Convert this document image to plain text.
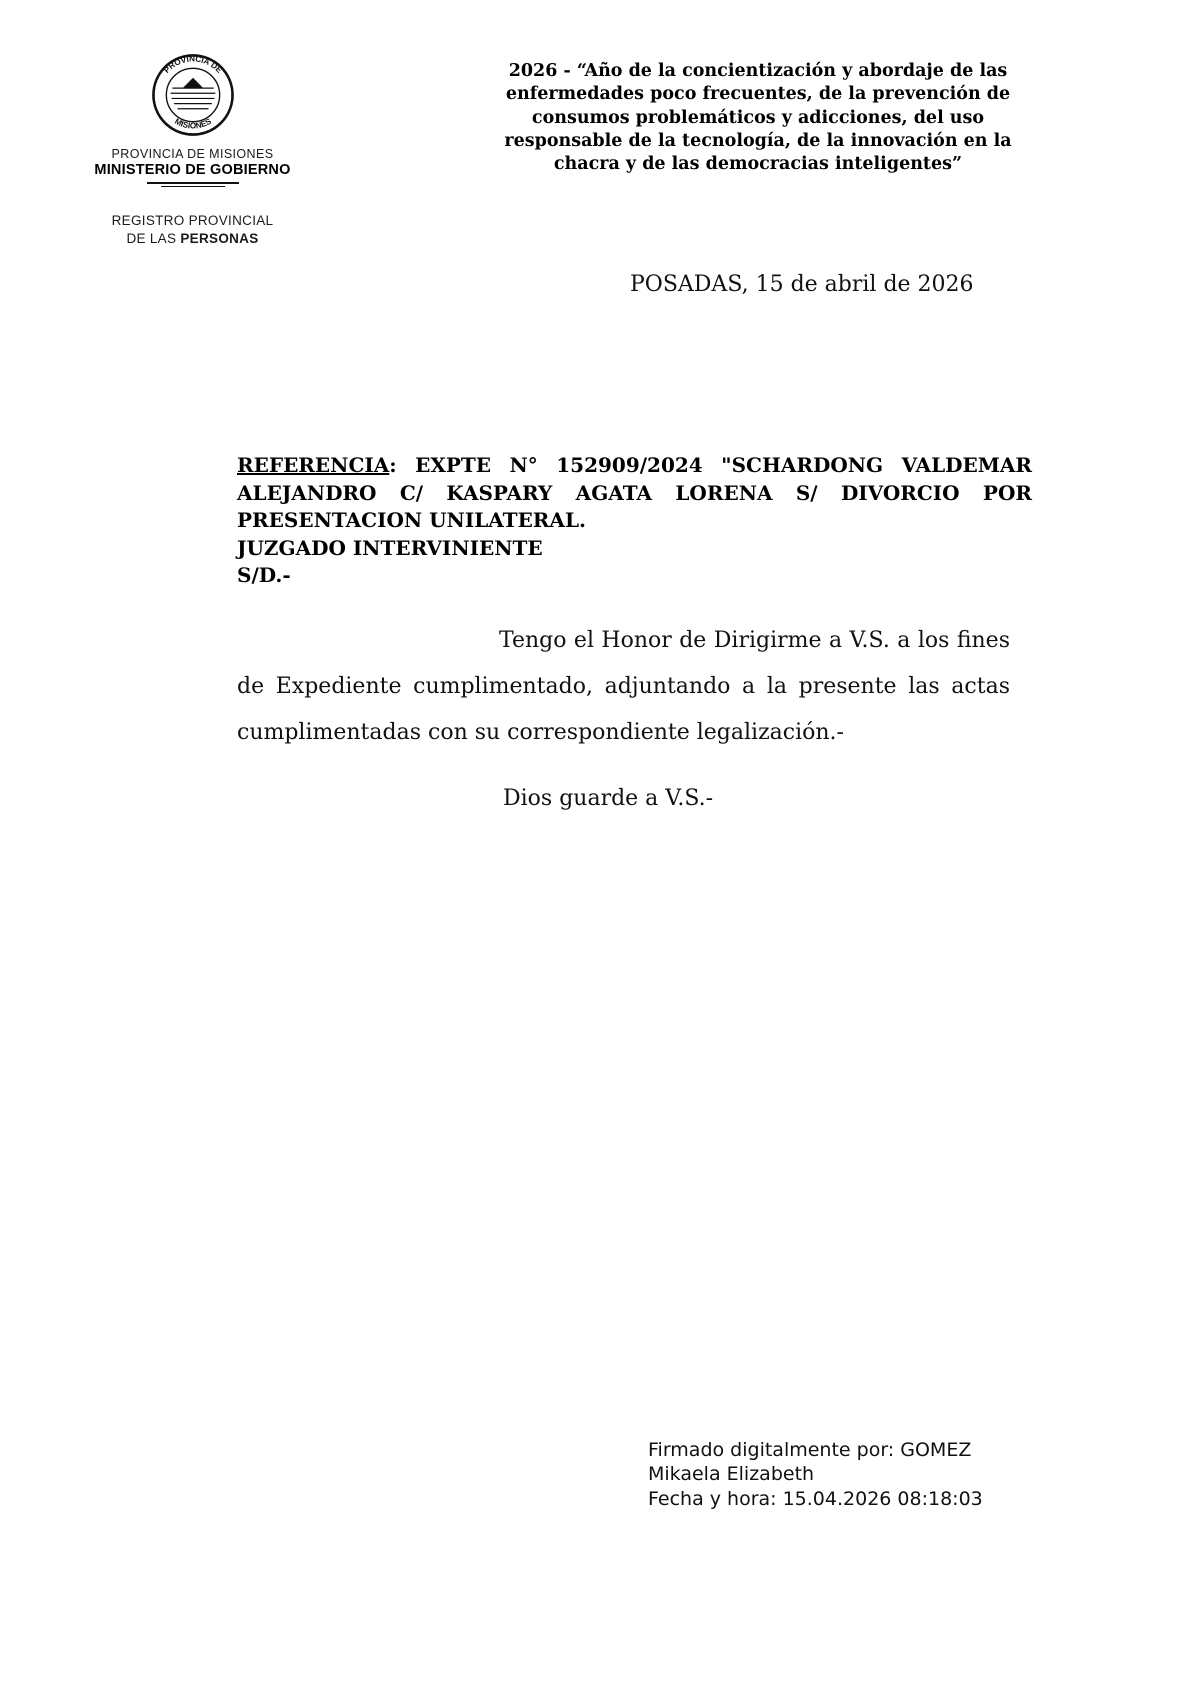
PROVINCIA DE
MISIONES
PROVINCIA DE MISIONES
MINISTERIO DE GOBIERNO
REGISTRO PROVINCIAL
DE LAS PERSONAS
2026 - “Año de la concientización y abordaje de las enfermedades poco frecuentes, de la prevención de consumos problemáticos y adicciones, del uso responsable de la tecnología, de la innovación en la chacra y de las democracias inteligentes”
POSADAS, 15 de abril de 2026

REFERENCIA: EXPTE N° 152909/2024 "SCHARDONG VALDEMAR ALEJANDRO C/ KASPARY AGATA LORENA S/ DIVORCIO POR PRESENTACION UNILATERAL.

JUZGADO INTERVINIENTE

S/D.-

Tengo el Honor de Dirigirme a V.S. a los fines de Expediente cumplimentado, adjuntando a la presente las actas cumplimentadas con su correspondiente legalización.-

Dios guarde a V.S.-
Firmado digitalmente por: GOMEZ
Mikaela Elizabeth
Fecha y hora: 15.04.2026 08:18:03
